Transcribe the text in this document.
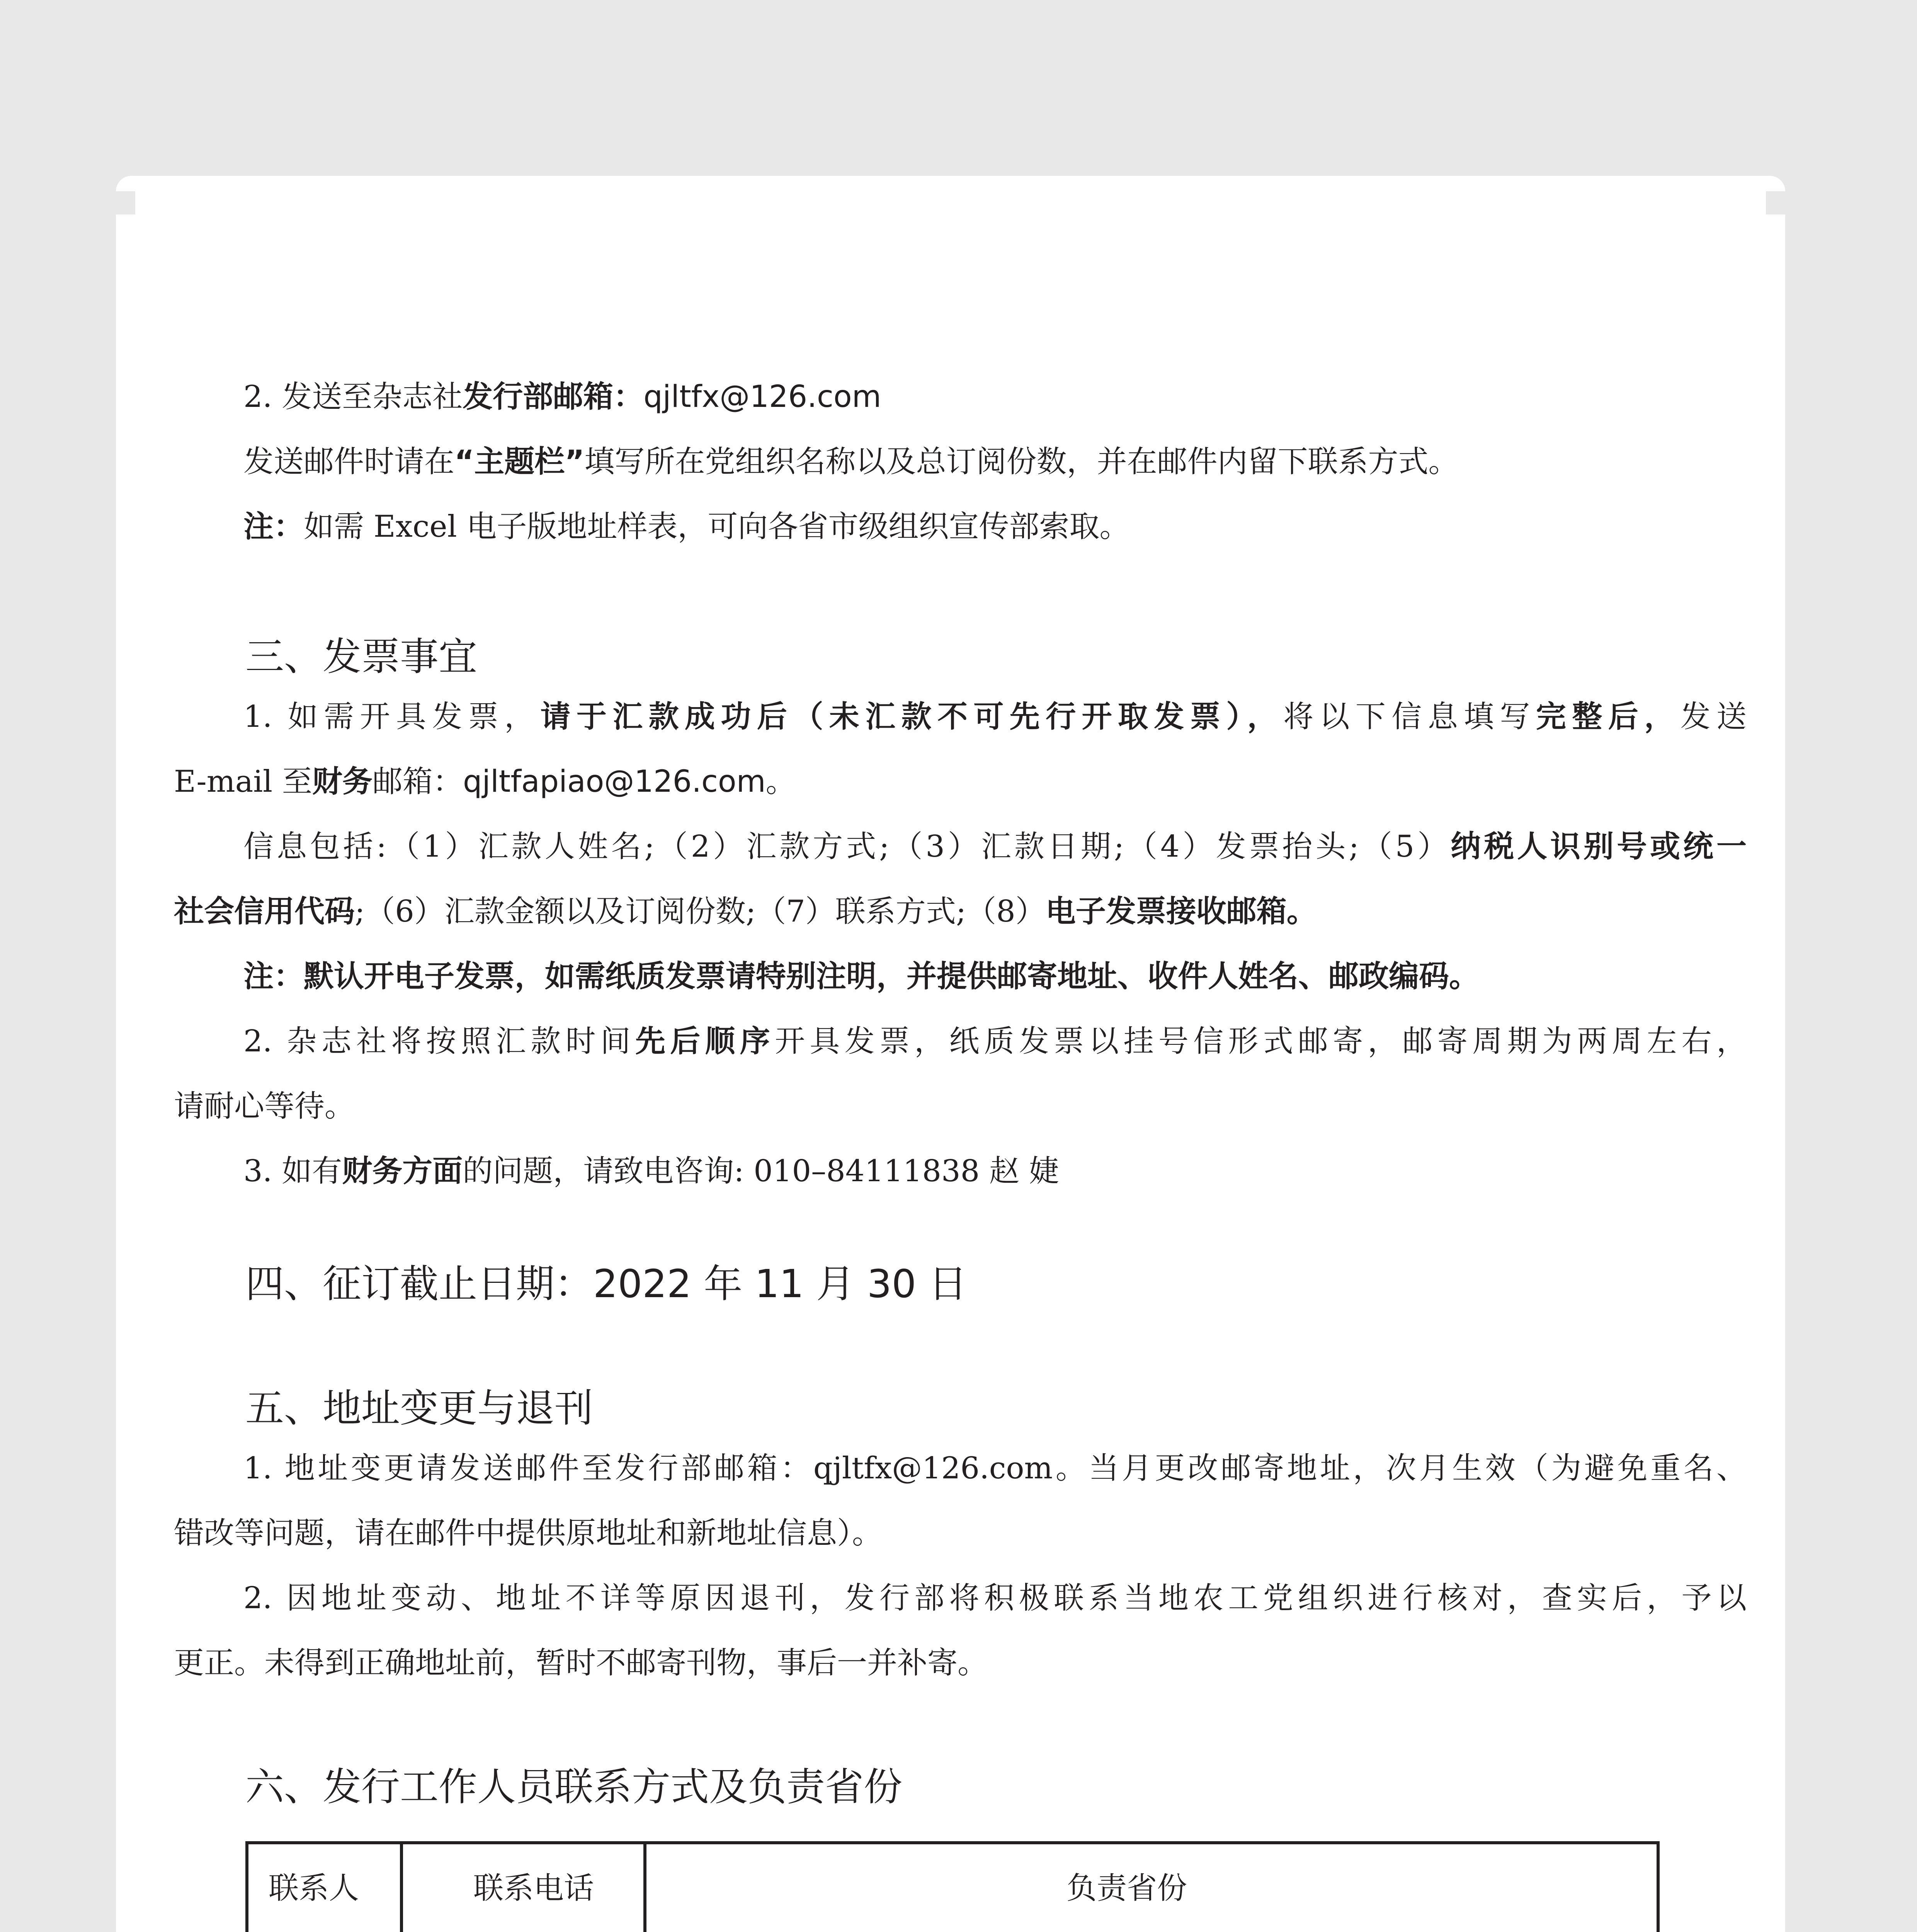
2. 发送至杂志社发行部邮箱：qjltfx@126.com
发送邮件时请在“主题栏”填写所在党组织名称以及总订阅份数，并在邮件内留下联系方式。
注：如需 Excel 电子版地址样表，可向各省市级组织宣传部索取。
三、发票事宜
1. 如需开具发票，请于汇款成功后（未汇款不可先行开取发票），将以下信息填写完整后，发送
E-mail 至财务邮箱：qjltfapiao@126.com。
信息包括:（1）汇款人姓名;（2）汇款方式;（3）汇款日期;（4）发票抬头;（5）纳税人识别号或统一
社会信用代码;（6）汇款金额以及订阅份数;（7）联系方式;（8）电子发票接收邮箱。
注：默认开电子发票，如需纸质发票请特别注明，并提供邮寄地址、收件人姓名、邮政编码。
2. 杂志社将按照汇款时间先后顺序开具发票，纸质发票以挂号信形式邮寄，邮寄周期为两周左右，
请耐心等待。
3. 如有财务方面的问题，请致电咨询: 010–84111838 赵 婕
四、征订截止日期：2022 年 11 月 30 日
五、地址变更与退刊
1. 地址变更请发送邮件至发行部邮箱：qjltfx@126.com。当月更改邮寄地址，次月生效（为避免重名、
错改等问题，请在邮件中提供原地址和新地址信息）。
2. 因地址变动、地址不详等原因退刊，发行部将积极联系当地农工党组织进行核对，查实后，予以
更正。未得到正确地址前，暂时不邮寄刊物，事后一并补寄。
六、发行工作人员联系方式及负责省份
联系人	联系电话	负责省份
